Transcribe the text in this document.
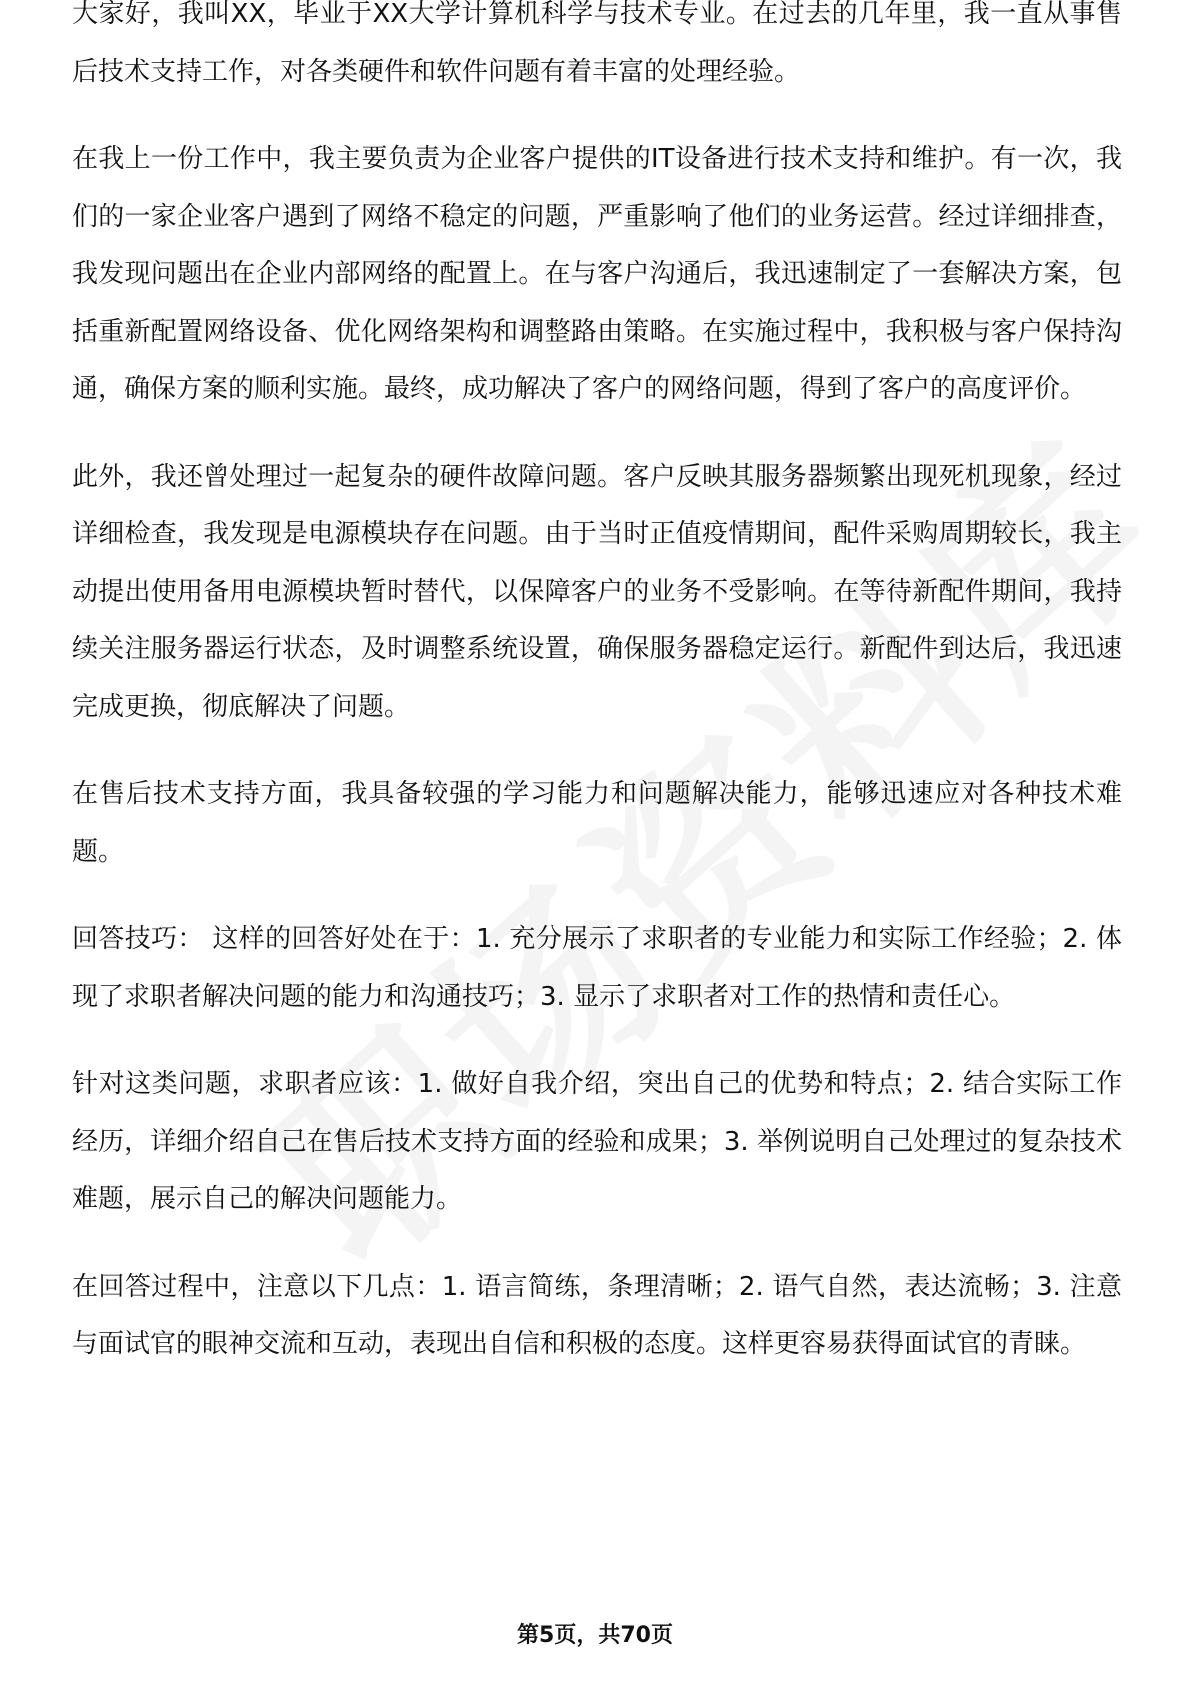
大家好，我叫XX，毕业于XX大学计算机科学与技术专业。在过去的几年里，我一直从事售后技术支持工作，对各类硬件和软件问题有着丰富的处理经验。

在我上一份工作中，我主要负责为企业客户提供的IT设备进行技术支持和维护。有一次，我们的一家企业客户遇到了网络不稳定的问题，严重影响了他们的业务运营。经过详细排查，我发现问题出在企业内部网络的配置上。在与客户沟通后，我迅速制定了一套解决方案，包括重新配置网络设备、优化网络架构和调整路由策略。在实施过程中，我积极与客户保持沟通，确保方案的顺利实施。最终，成功解决了客户的网络问题，得到了客户的高度评价。

此外，我还曾处理过一起复杂的硬件故障问题。客户反映其服务器频繁出现死机现象，经过详细检查，我发现是电源模块存在问题。由于当时正值疫情期间，配件采购周期较长，我主动提出使用备用电源模块暂时替代，以保障客户的业务不受影响。在等待新配件期间，我持续关注服务器运行状态，及时调整系统设置，确保服务器稳定运行。新配件到达后，我迅速完成更换，彻底解决了问题。

在售后技术支持方面，我具备较强的学习能力和问题解决能力，能够迅速应对各种技术难题。

回答技巧： 这样的回答好处在于：1. 充分展示了求职者的专业能力和实际工作经验；2. 体现了求职者解决问题的能力和沟通技巧；3. 显示了求职者对工作的热情和责任心。

针对这类问题，求职者应该：1. 做好自我介绍，突出自己的优势和特点；2. 结合实际工作经历，详细介绍自己在售后技术支持方面的经验和成果；3. 举例说明自己处理过的复杂技术难题，展示自己的解决问题能力。

在回答过程中，注意以下几点：1. 语言简练，条理清晰；2. 语气自然，表达流畅；3. 注意与面试官的眼神交流和互动，表现出自信和积极的态度。这样更容易获得面试官的青睐。

第5页，共70页
